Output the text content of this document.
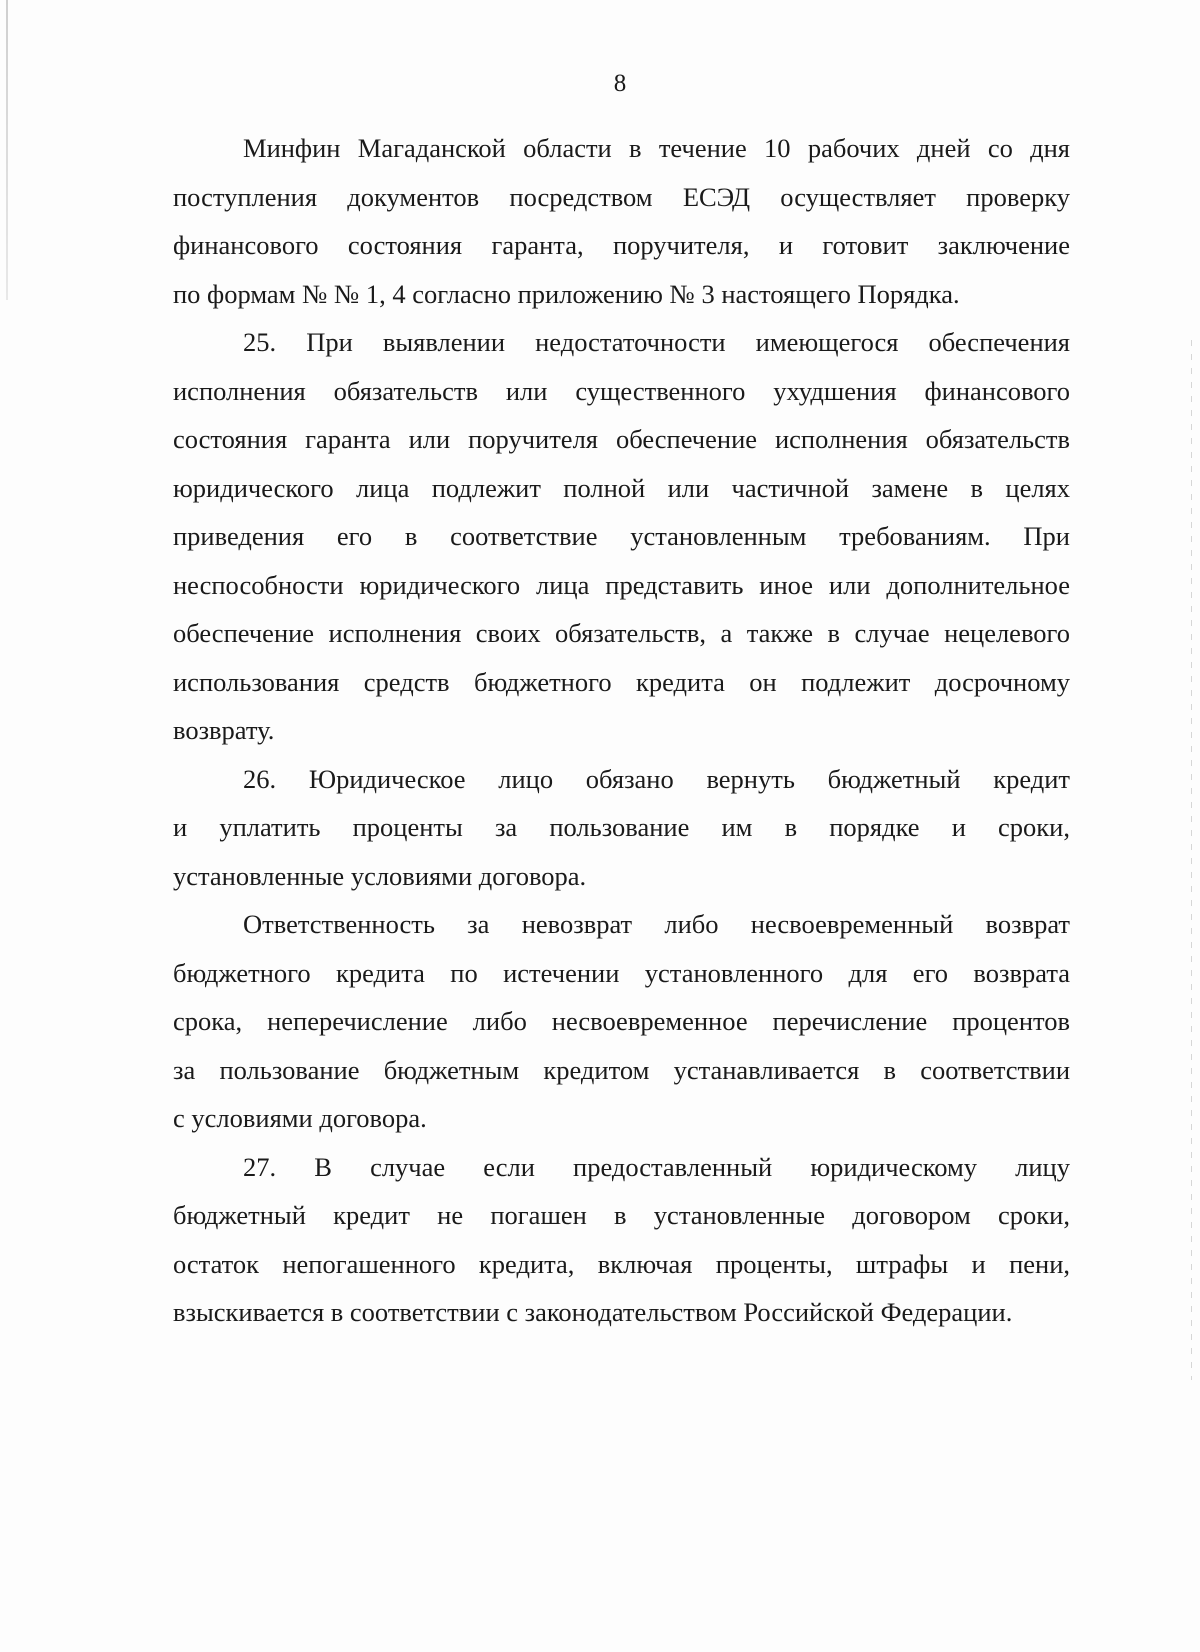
8

Минфин Магаданской области в течение 10 рабочих дней со дня
поступления документов посредством ЕСЭД осуществляет проверку
финансового состояния гаранта, поручителя, и готовит заключение
по формам № № 1, 4 согласно приложению № 3 настоящего Порядка.

25. При выявлении недостаточности имеющегося обеспечения
исполнения обязательств или существенного ухудшения финансового
состояния гаранта или поручителя обеспечение исполнения обязательств
юридического лица подлежит полной или частичной замене в целях
приведения его в соответствие установленным требованиям. При
неспособности юридического лица представить иное или дополнительное
обеспечение исполнения своих обязательств, а также в случае нецелевого
использования средств бюджетного кредита он подлежит досрочному
возврату.

26. Юридическое лицо обязано вернуть бюджетный кредит
и уплатить проценты за пользование им в порядке и сроки,
установленные условиями договора.

Ответственность за невозврат либо несвоевременный возврат
бюджетного кредита по истечении установленного для его возврата
срока, неперечисление либо несвоевременное перечисление процентов
за пользование бюджетным кредитом устанавливается в соответствии
с условиями договора.

27. В случае если предоставленный юридическому лицу
бюджетный кредит не погашен в установленные договором сроки,
остаток непогашенного кредита, включая проценты, штрафы и пени,
взыскивается в соответствии с законодательством Российской Федерации.
